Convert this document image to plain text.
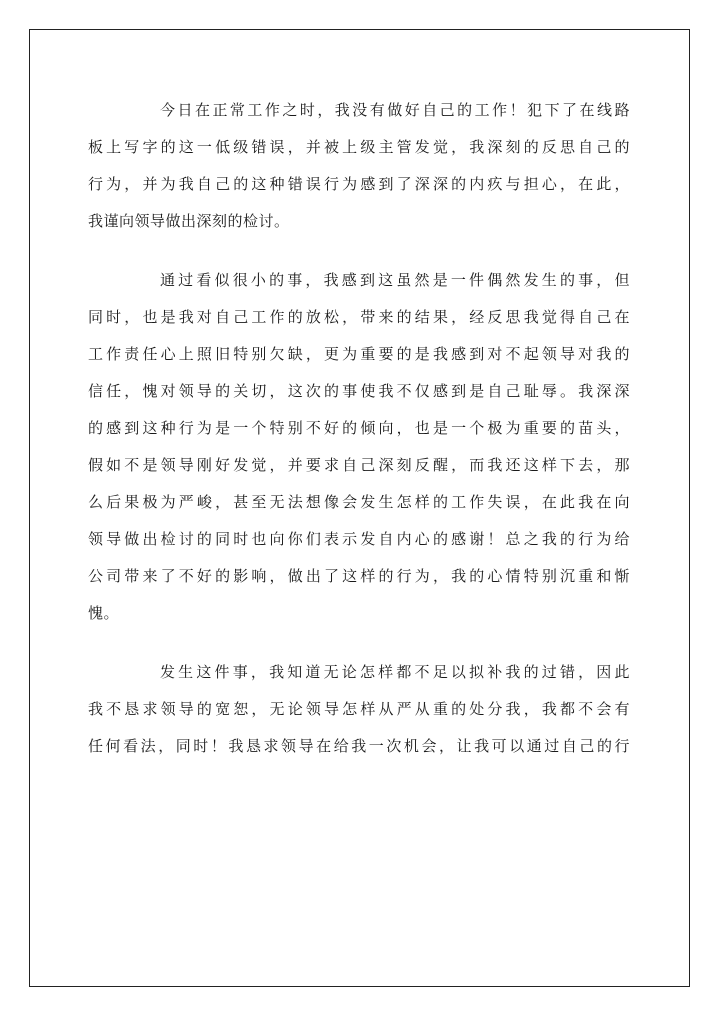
今日在正常工作之时，我没有做好自己的工作！犯下了在线路
板上写字的这一低级错误，并被上级主管发觉，我深刻的反思自己的
行为，并为我自己的这种错误行为感到了深深的内疚与担心，在此，
我谨向领导做出深刻的检讨。
通过看似很小的事，我感到这虽然是一件偶然发生的事，但
同时，也是我对自己工作的放松，带来的结果，经反思我觉得自己在
工作责任心上照旧特别欠缺，更为重要的是我感到对不起领导对我的
信任，愧对领导的关切，这次的事使我不仅感到是自己耻辱。我深深
的感到这种行为是一个特别不好的倾向，也是一个极为重要的苗头，
假如不是领导刚好发觉，并要求自己深刻反醒，而我还这样下去，那
么后果极为严峻，甚至无法想像会发生怎样的工作失误，在此我在向
领导做出检讨的同时也向你们表示发自内心的感谢！总之我的行为给
公司带来了不好的影响，做出了这样的行为，我的心情特别沉重和惭
愧。
发生这件事，我知道无论怎样都不足以拟补我的过错，因此
我不恳求领导的宽恕，无论领导怎样从严从重的处分我，我都不会有
任何看法，同时！我恳求领导在给我一次机会，让我可以通过自己的行
